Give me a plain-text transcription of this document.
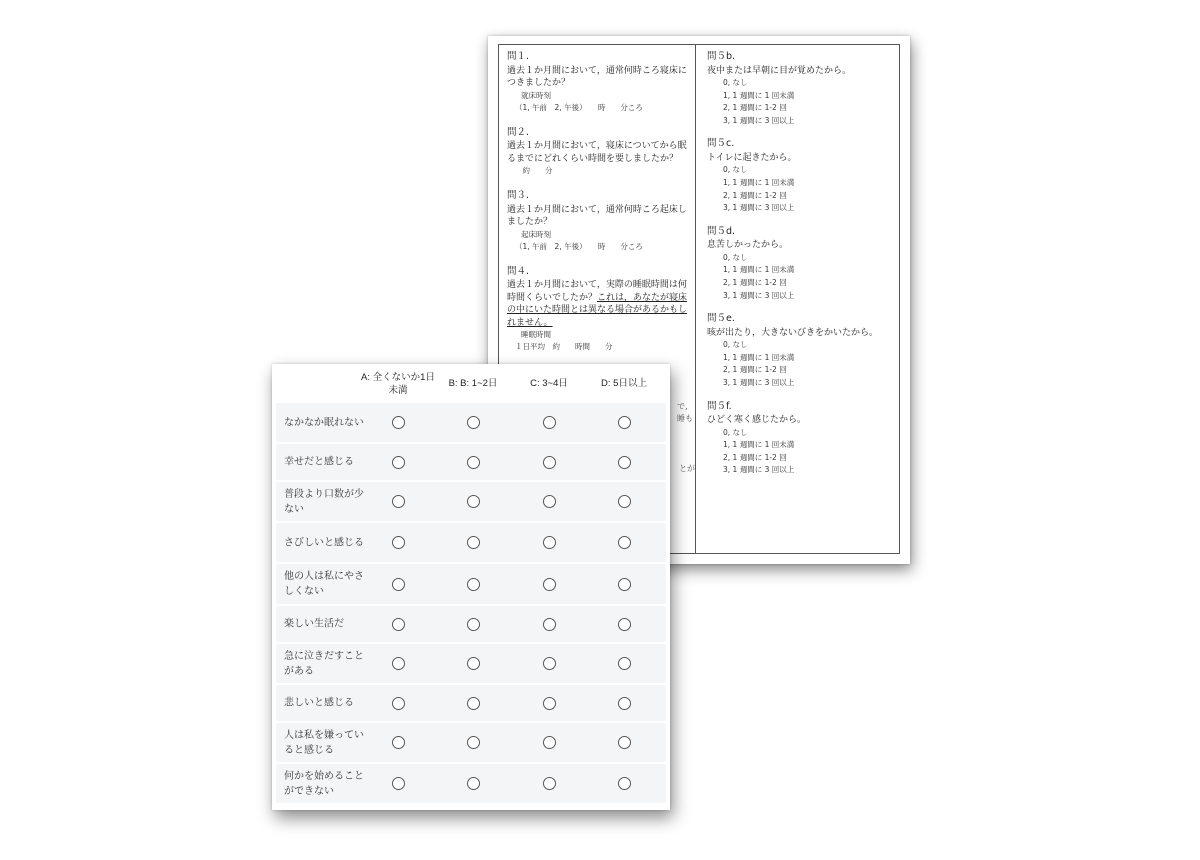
問１.
過去１か月間において，通常何時ころ寝床につきましたか？
就床時刻
（1, 午前　2, 午後）　　時　　分ころ
問２.
過去１か月間において，寝床についてから眠るまでにどれくらい時間を要しましたか？
　約　　分
問３.
過去１か月間において，通常何時ころ起床しましたか？
起床時刻
（1, 午前　2, 午後）　　時　　分ころ
問４.
過去１か月間において，実際の睡眠時間は何時間くらいでしたか？これは，あなたが寝床の中にいた時間とは異なる場合があるかもしれません。
睡眠時間
１日平均　約　　時間　　分
で,
睡も
とが
問５b.
夜中または早朝に目が覚めたから。
0, なし
1, 1 週間に 1 回未満
2, 1 週間に 1-2 回
3, 1 週間に 3 回以上
問５c.
トイレに起きたから。
0, なし
1, 1 週間に 1 回未満
2, 1 週間に 1-2 回
3, 1 週間に 3 回以上
問５d.
息苦しかったから。
0, なし
1, 1 週間に 1 回未満
2, 1 週間に 1-2 回
3, 1 週間に 3 回以上
問５e.
咳が出たり，大きないびきをかいたから。
0, なし
1, 1 週間に 1 回未満
2, 1 週間に 1-2 回
3, 1 週間に 3 回以上
問５f.
ひどく寒く感じたから。
0, なし
1, 1 週間に 1 回未満
2, 1 週間に 1-2 回
3, 1 週間に 3 回以上
A: 全くないか1日未満
B: B: 1~2日	C: 3~4日	D: 5日以上
なかなか眠れない
幸せだと感じる
普段より口数が少ない
さびしいと感じる
他の人は私にやさしくない
楽しい生活だ
急に泣きだすことがある
悲しいと感じる
人は私を嫌っていると感じる
何かを始めることができない
